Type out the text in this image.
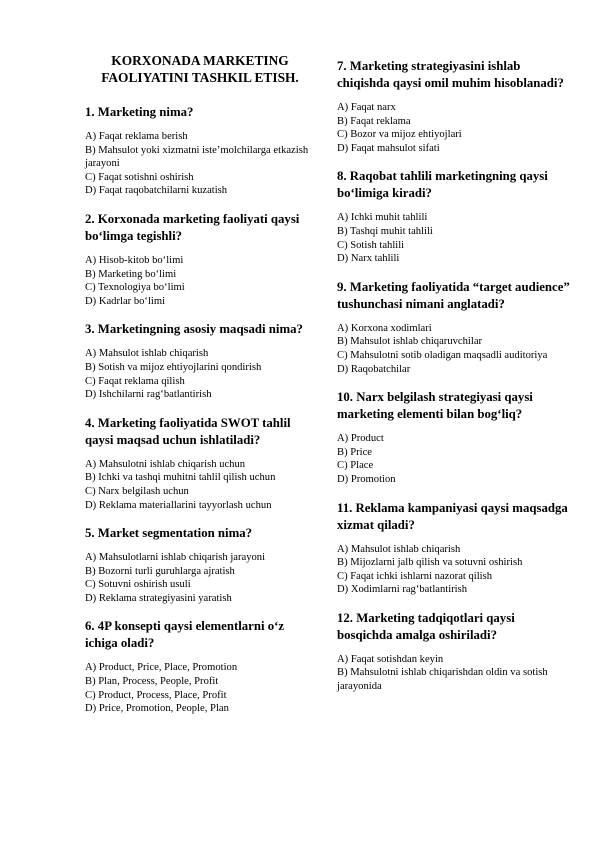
KORXONADA MARKETING FAOLIYATINI TASHKIL ETISH.
1. Marketing nima?
A) Faqat reklama berish
B) Mahsulot yoki xizmatni iste’molchilarga etkazish jarayoni
C) Faqat sotishni oshirish
D) Faqat raqobatchilarni kuzatish
2. Korxonada marketing faoliyati qaysi bo‘limga tegishli?
A) Hisob-kitob bo‘limi
B) Marketing bo‘limi
C) Texnologiya bo‘limi
D) Kadrlar bo‘limi
3. Marketingning asosiy maqsadi nima?
A) Mahsulot ishlab chiqarish
B) Sotish va mijoz ehtiyojlarini qondirish
C) Faqat reklama qilish
D) Ishchilarni rag‘batlantirish
4. Marketing faoliyatida SWOT tahlil qaysi maqsad uchun ishlatiladi?
A) Mahsulotni ishlab chiqarish uchun
B) Ichki va tashqi muhitni tahlil qilish uchun
C) Narx belgilash uchun
D) Reklama materiallarini tayyorlash uchun
5. Market segmentation nima?
A) Mahsulotlarni ishlab chiqarish jarayoni
B) Bozorni turli guruhlarga ajratish
C) Sotuvni oshirish usuli
D) Reklama strategiyasini yaratish
6. 4P konsepti qaysi elementlarni o‘z ichiga oladi?
A) Product, Price, Place, Promotion
B) Plan, Process, People, Profit
C) Product, Process, Place, Profit
D) Price, Promotion, People, Plan
7. Marketing strategiyasini ishlab chiqishda qaysi omil muhim hisoblanadi?
A) Faqat narx
B) Faqat reklama
C) Bozor va mijoz ehtiyojlari
D) Faqat mahsulot sifati
8. Raqobat tahlili marketingning qaysi bo‘limiga kiradi?
A) Ichki muhit tahlili
B) Tashqi muhit tahlili
C) Sotish tahlili
D) Narx tahlili
9. Marketing faoliyatida “target audience” tushunchasi nimani anglatadi?
A) Korxona xodimlari
B) Mahsulot ishlab chiqaruvchilar
C) Mahsulotni sotib oladigan maqsadli auditoriya
D) Raqobatchilar
10. Narx belgilash strategiyasi qaysi marketing elementi bilan bog‘liq?
A) Product
B) Price
C) Place
D) Promotion
11. Reklama kampaniyasi qaysi maqsadga xizmat qiladi?
A) Mahsulot ishlab chiqarish
B) Mijozlarni jalb qilish va sotuvni oshirish
C) Faqat ichki ishlarni nazorat qilish
D) Xodimlarni rag‘batlantirish
12. Marketing tadqiqotlari qaysi bosqichda amalga oshiriladi?
A) Faqat sotishdan keyin
B) Mahsulotni ishlab chiqarishdan oldin va sotish jarayonida
